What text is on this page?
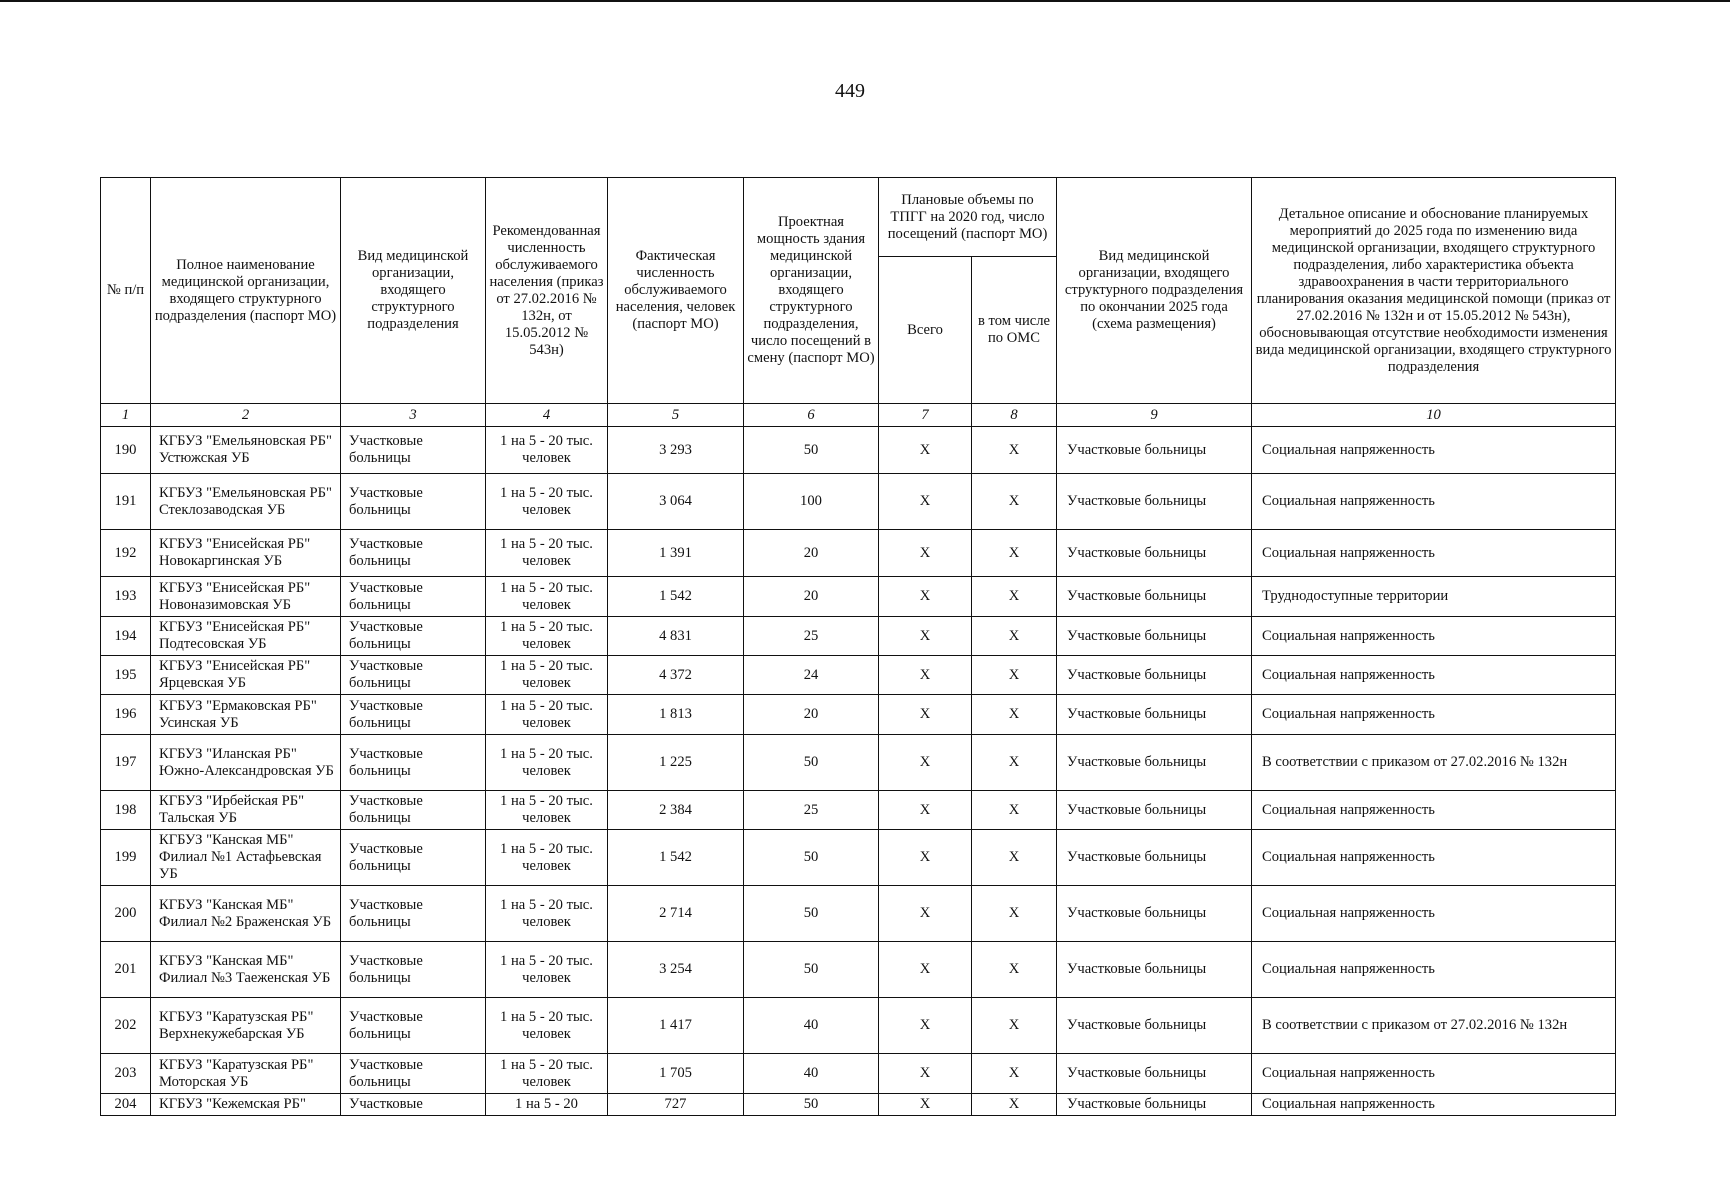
449
№ п/п	Полное наименование медицинской организации, входящего структурного подразделения (паспорт МО)	Вид медицинской организации, входящего структурного подразделения	Рекомендованная численность обслуживаемого населения (приказ от 27.02.2016 № 132н, от 15.05.2012 № 543н)	Фактическая численность обслуживаемого населения, человек (паспорт МО)	Проектная мощность здания медицинской организации, входящего структурного подразделения, число посещений в смену (паспорт МО)	Плановые объемы по ТПГГ на 2020 год, число посещений (паспорт МО)		Вид медицинской организации, входящего структурного подразделения по окончании 2025 года (схема размещения)	Детальное описание и обоснование планируемых мероприятий до 2025 года по изменению вида медицинской организации, входящего структурного подразделения, либо характеристика объекта здравоохранения в части территориального планирования оказания медицинской помощи (приказ от 27.02.2016 № 132н и от 15.05.2012 № 543н), обосновывающая отсутствие необходимости изменения вида медицинской организации, входящего структурного подразделения
						Всего	в том числе по ОМС		
1	2	3	4	5	6	7	8	9	10
190	КГБУЗ "Емельяновская РБ" Устюжская УБ	Участковые больницы	1 на 5 - 20 тыс. человек	3 293	50	X	X	Участковые больницы	Социальная напряженность
191	КГБУЗ "Емельяновская РБ" Стеклозаводская УБ	Участковые больницы	1 на 5 - 20 тыс. человек	3 064	100	X	X	Участковые больницы	Социальная напряженность
192	КГБУЗ "Енисейская РБ" Новокаргинская УБ	Участковые больницы	1 на 5 - 20 тыс. человек	1 391	20	X	X	Участковые больницы	Социальная напряженность
193	КГБУЗ "Енисейская РБ" Новоназимовская УБ	Участковые больницы	1 на 5 - 20 тыс. человек	1 542	20	X	X	Участковые больницы	Труднодоступные территории
194	КГБУЗ "Енисейская РБ" Подтесовская УБ	Участковые больницы	1 на 5 - 20 тыс. человек	4 831	25	X	X	Участковые больницы	Социальная напряженность
195	КГБУЗ "Енисейская РБ" Ярцевская УБ	Участковые больницы	1 на 5 - 20 тыс. человек	4 372	24	X	X	Участковые больницы	Социальная напряженность
196	КГБУЗ "Ермаковская РБ" Усинская УБ	Участковые больницы	1 на 5 - 20 тыс. человек	1 813	20	X	X	Участковые больницы	Социальная напряженность
197	КГБУЗ "Иланская РБ" Южно-Александровская УБ	Участковые больницы	1 на 5 - 20 тыс. человек	1 225	50	X	X	Участковые больницы	В соответствии с приказом от 27.02.2016 № 132н
198	КГБУЗ "Ирбейская РБ" Тальская УБ	Участковые больницы	1 на 5 - 20 тыс. человек	2 384	25	X	X	Участковые больницы	Социальная напряженность
199	КГБУЗ "Канская МБ" Филиал №1 Астафьевская УБ	Участковые больницы	1 на 5 - 20 тыс. человек	1 542	50	X	X	Участковые больницы	Социальная напряженность
200	КГБУЗ "Канская МБ" Филиал №2 Браженская УБ	Участковые больницы	1 на 5 - 20 тыс. человек	2 714	50	X	X	Участковые больницы	Социальная напряженность
201	КГБУЗ "Канская МБ" Филиал №3 Таеженская УБ	Участковые больницы	1 на 5 - 20 тыс. человек	3 254	50	X	X	Участковые больницы	Социальная напряженность
202	КГБУЗ "Каратузская РБ" Верхнекужебарская УБ	Участковые больницы	1 на 5 - 20 тыс. человек	1 417	40	X	X	Участковые больницы	В соответствии с приказом от 27.02.2016 № 132н
203	КГБУЗ "Каратузская РБ" Моторская УБ	Участковые больницы	1 на 5 - 20 тыс. человек	1 705	40	X	X	Участковые больницы	Социальная напряженность
204	КГБУЗ "Кежемская РБ"	Участковые	1 на 5 - 20	727	50	X	X	Участковые больницы	Социальная напряженность
